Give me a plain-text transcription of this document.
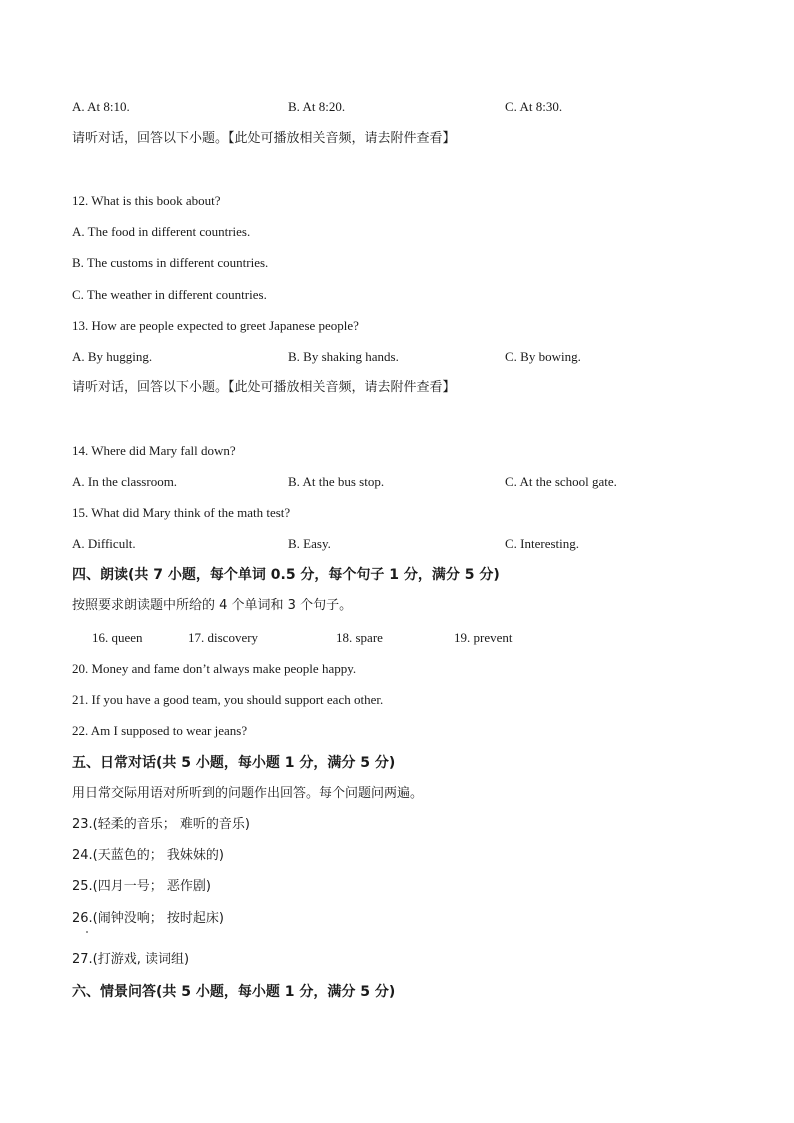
A. At 8:10.	B. At 8:20.	C. At 8:30.
请听对话，回答以下小题。【此处可播放相关音频，请去附件查看】
12. What is this book about?
A. The food in different countries.
B. The customs in different countries.
C. The weather in different countries.
13. How are people expected to greet Japanese people?
A. By hugging.	B. By shaking hands.	C. By bowing.
请听对话，回答以下小题。【此处可播放相关音频，请去附件查看】
14. Where did Mary fall down?
A. In the classroom.	B. At the bus stop.	C. At the school gate.
15. What did Mary think of the math test?
A. Difficult.	B. Easy.	C. Interesting.
四、朗读(共 7 小题，每个单词 0.5 分，每个句子 1 分，满分 5 分)
按照要求朗读题中所给的 4 个单词和 3 个句子。
16. queen	17. discovery	18. spare	19. prevent
20. Money and fame don’t always make people happy.
21. If you have a good team, you should support each other.
22. Am I supposed to wear jeans?
五、日常对话(共 5 小题，每小题 1 分，满分 5 分)
用日常交际用语对所听到的问题作出回答。每个问题问两遍。
23.(轻柔的音乐； 难听的音乐)
24.(天蓝色的； 我妹妹的)
25.(四月一号； 恶作剧)
26.(闹钟没响； 按时起床)
27.(打游戏, 读词组)
六、情景问答(共 5 小题，每小题 1 分，满分 5 分)
